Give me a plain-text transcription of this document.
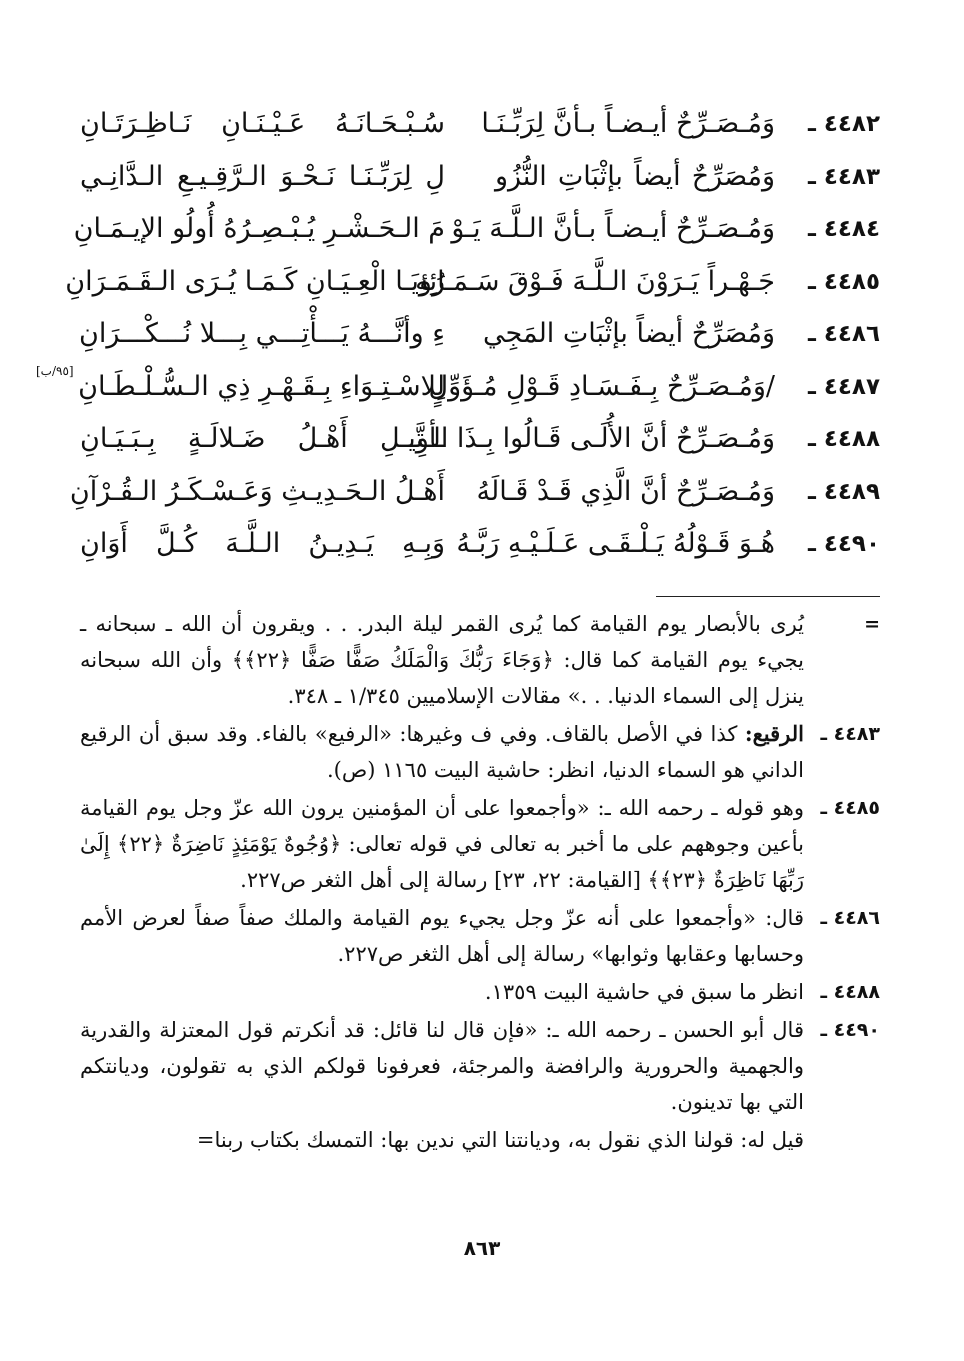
٤٤٨٢ ـ
وَمُـصَـرِّحٌ أيـضـاً بـأنَّ لِرَبِّـنَـا
سُـبْـحَـانَـهُ عَـيْـنَـانِ نَـاظِـرَتَـانِ
٤٤٨٣ ـ
وَمُصَرِّحٌ أيضاً بإثْبَاتِ النُّزُو
لِ لِرَبِّـنَـا نَـحْـوَ الـرَّقِـيـعِ الـدَّانِـي
٤٤٨٤ ـ
وَمُـصَـرِّحٌ أيـضـاً بـأنَّ الـلَّـهَ يَـوْ
مَ الـحَـشْـرِ يُـبْـصِـرُهُ أُولُو الإيـمَـانِ
٤٤٨٥ ـ
جَـهْـراً يَـرَوْنَ الـلَّـهَ فَـوْقَ سَـمَـائِهِ
رُؤيَـا الْعِـيَـانِ كَـمَـا يُـرَى الـقَـمَـرَانِ
٤٤٨٦ ـ
وَمُصَرِّحٌ أيضاً بإثْبَاتِ المَجِي
ءِ وأنَّـــهُ يَـــأْتِـــي بِـــلا نُـــكْـــرَانِ
٤٤٨٧ ـ
/وَمُـصَـرِّحٌ بِـفَـسَـادِ قَـوْلِ مُـؤَوِّلٍ
لِلاسْـتِـوَاءِ بِـقَـهْـرِ ذِي الـسُّـلْـطَـانِ
٤٤٨٨ ـ
وَمُـصَـرِّحٌ أنَّ الأُلَـى قَـالُوا بِـذَا الـتَّـ
ـأوِيـلِ أَهْـلُ ضَـلالَـةٍ بِـبَـيَـانِ
٤٤٨٩ ـ
وَمُـصَـرِّحٌ أنَّ الَّذِي قَـدْ قَـالَهُ
أَهْـلُ الـحَـدِيـثِ وَعَـسْـكَـرُ الـقُـرْآنِ
٤٤٩٠ ـ
هُـوَ قَـوْلُهُ يَـلْـقَـى عَـلَـيْـهِ رَبَّـهُ
وَبِـهِ يَـدِيـنُ الـلَّـهَ كُـلَّ أَوَانِ
[٩٥/ب]
=
يُرى بالأبصار يوم القيامة كما يُرى القمر ليلة البدر. . . ويقرون أن الله ـ سبحانه ـ يجيء يوم القيامة كما قال: ﴿وَجَاءَ رَبُّكَ وَالْمَلَكُ صَفًّا صَفًّا ﴿٢٢﴾﴾ وأن الله سبحانه ينزل إلى السماء الدنيا. . .» مقالات الإسلاميين ١/٣٤٥ ـ ٣٤٨.
٤٤٨٣ ـ
الرقيع: كذا في الأصل بالقاف. وفي ف وغيرها: «الرفيع» بالفاء. وقد سبق أن الرقيع الداني هو السماء الدنيا، انظر: حاشية البيت ١١٦٥ (ص).
٤٤٨٥ ـ
وهو قوله ـ رحمه الله ـ: «وأجمعوا على أن المؤمنين يرون الله عزّ وجل يوم القيامة بأعين وجوههم على ما أخبر به تعالى في قوله تعالى: ﴿وُجُوهٌ يَوْمَئِذٍ نَاضِرَةٌ ﴿٢٢﴾ إِلَىٰ رَبِّهَا نَاظِرَةٌ ﴿٢٣﴾﴾ [القيامة: ٢٢، ٢٣] رسالة إلى أهل الثغر ص٢٢٧.
٤٤٨٦ ـ
قال: «وأجمعوا على أنه عزّ وجل يجيء يوم القيامة والملك صفاً صفاً لعرض الأمم وحسابها وعقابها وثوابها» رسالة إلى أهل الثغر ص٢٢٧.
٤٤٨٨ ـ
انظر ما سبق في حاشية البيت ١٣٥٩.
٤٤٩٠ ـ
قال أبو الحسن ـ رحمه الله ـ: «فإن قال لنا قائل: قد أنكرتم قول المعتزلة والقدرية والجهمية والحرورية والرافضة والمرجئة، فعرفونا قولكم الذي به تقولون، وديانتكم التي بها تدينون.
قيل له: قولنا الذي نقول به، وديانتنا التي ندين بها: التمسك بكتاب ربنا=
٨٦٣
